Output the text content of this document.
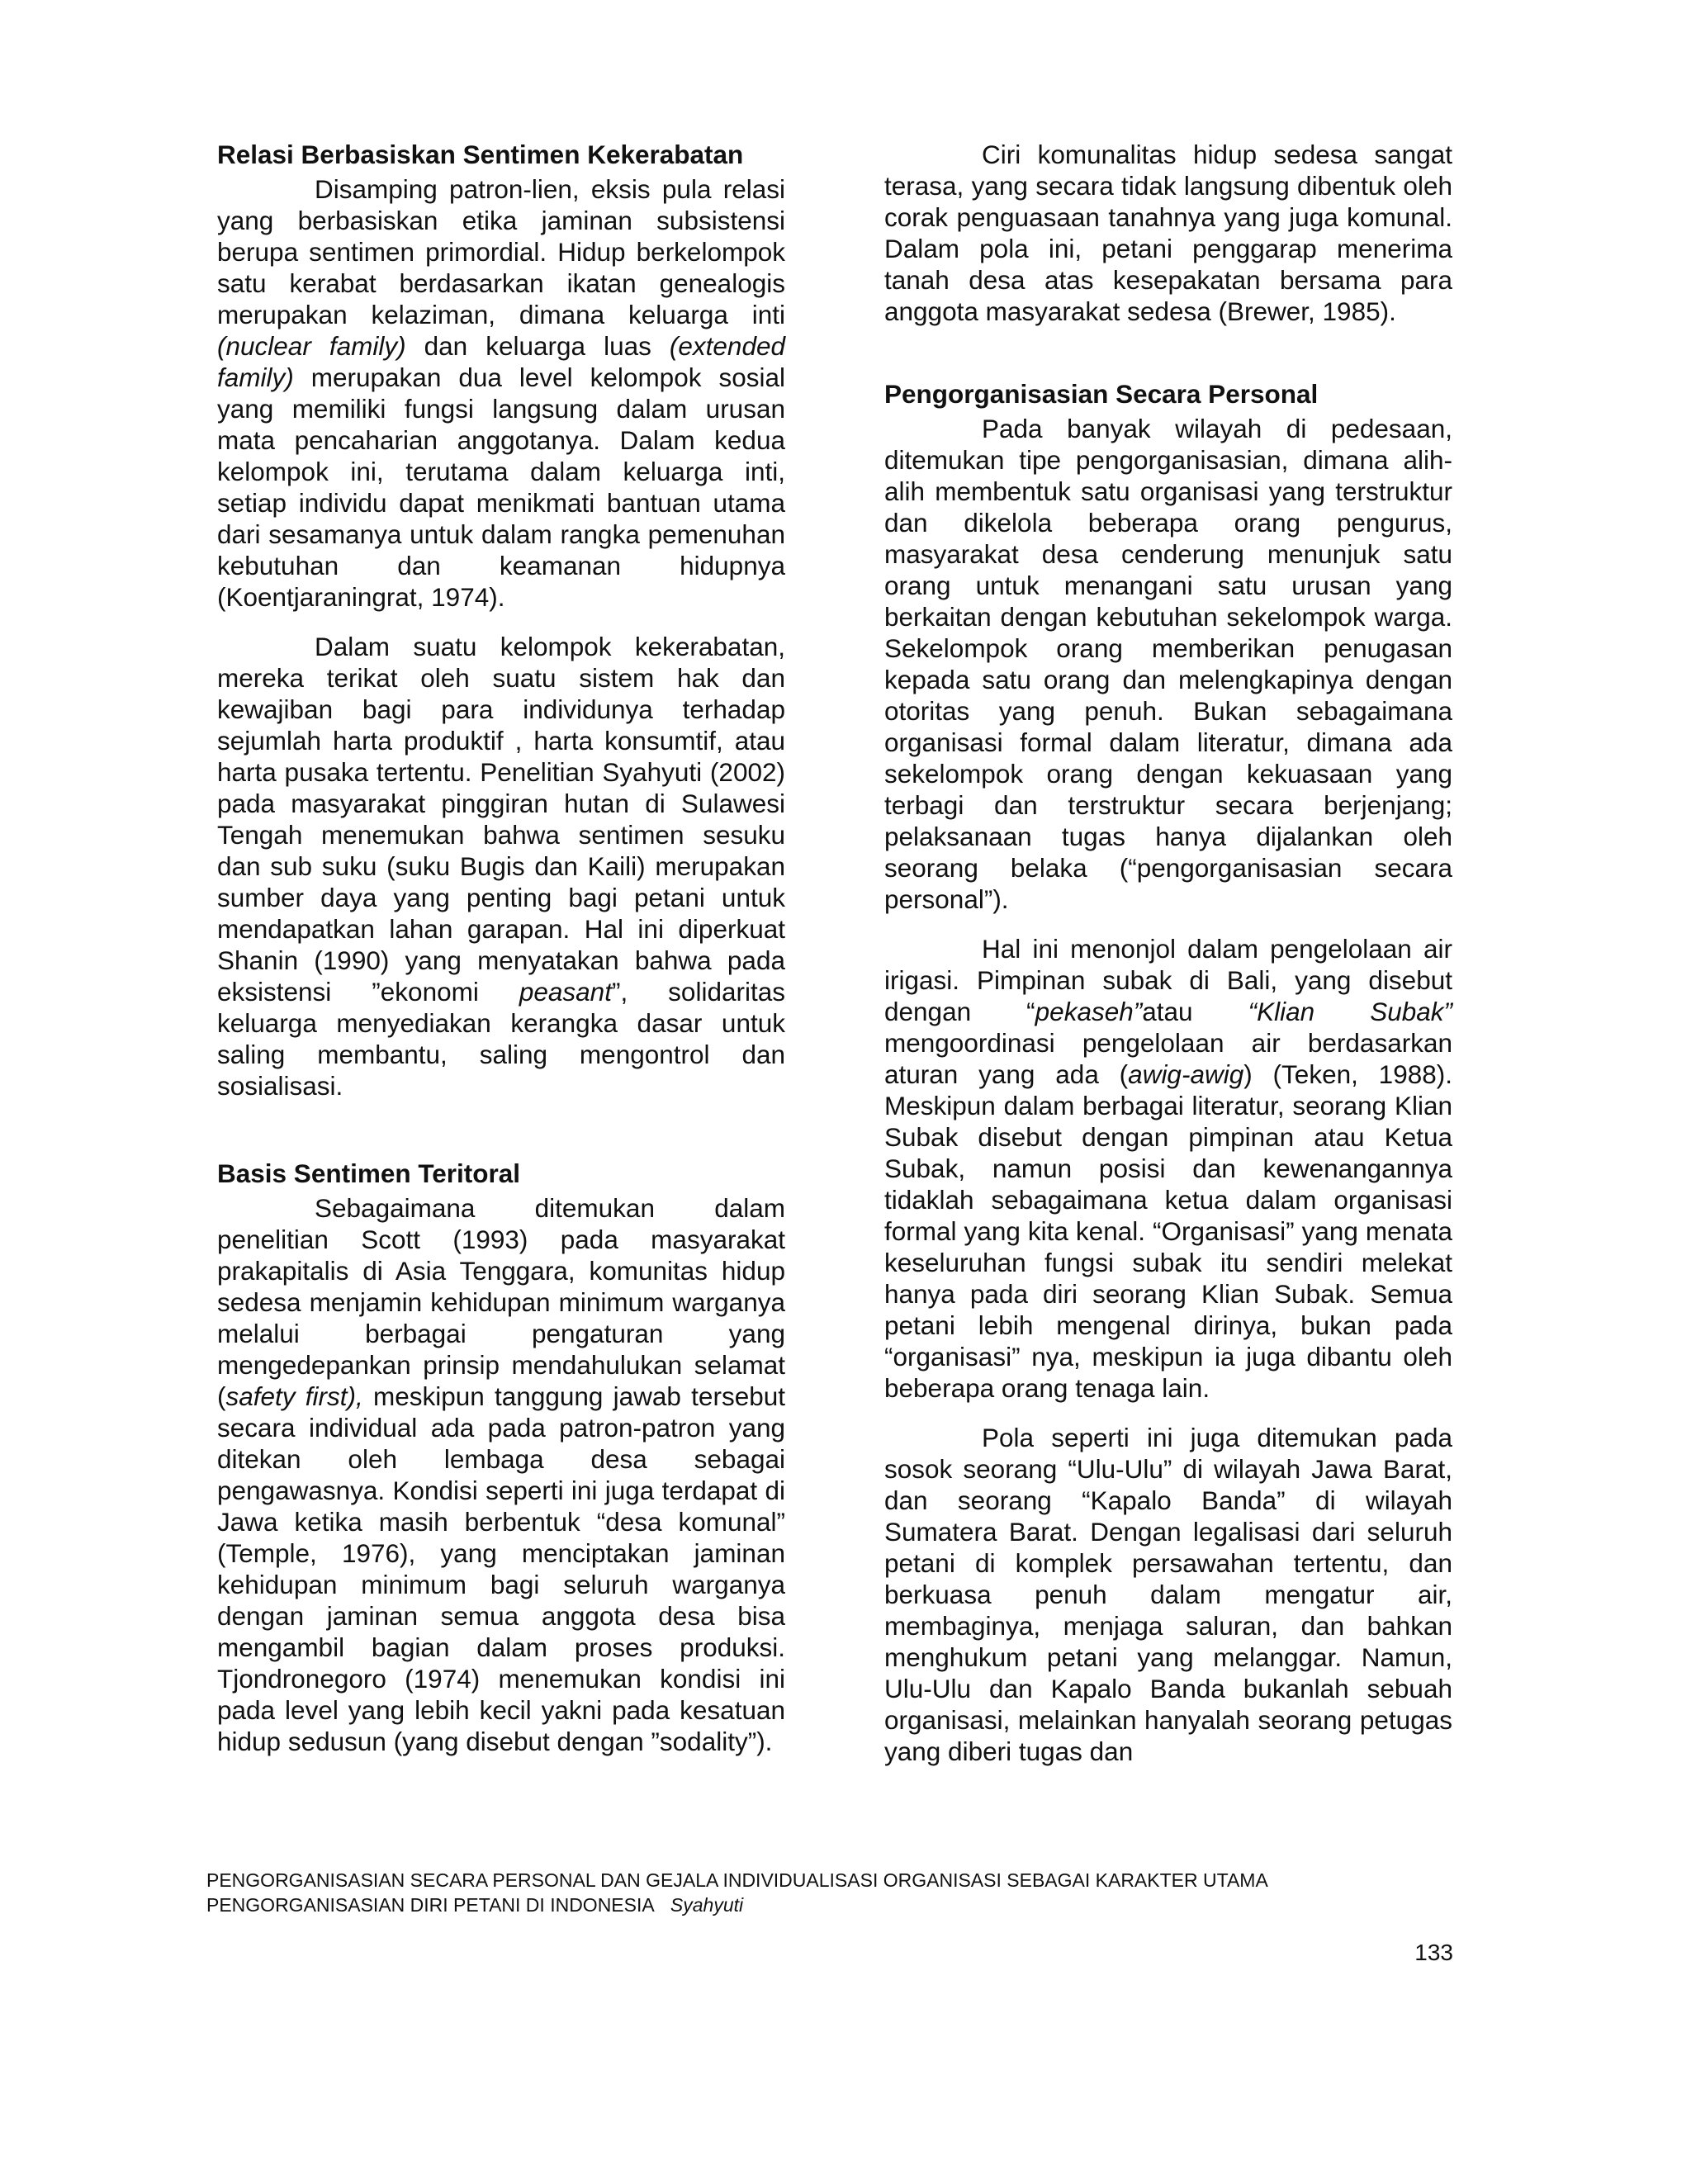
Relasi Berbasiskan Sentimen Kekerabatan

Disamping patron-lien, eksis pula relasi yang berbasiskan etika jaminan subsistensi berupa sentimen primordial. Hidup berkelompok satu kerabat berdasarkan ikatan genealogis merupakan kelaziman, dimana keluarga inti (nuclear family) dan keluarga luas (extended family) merupakan dua level kelompok sosial yang memiliki fungsi langsung dalam urusan mata pencaharian anggotanya. Dalam kedua kelompok ini, terutama dalam keluarga inti, setiap individu dapat menikmati bantuan utama dari sesamanya untuk dalam rangka pemenuhan kebutuhan dan keamanan hidupnya (Koentjaraningrat, 1974).

Dalam suatu kelompok kekerabatan, mereka terikat oleh suatu sistem hak dan kewajiban bagi para individunya terhadap sejumlah harta produktif , harta konsumtif, atau harta pusaka tertentu. Penelitian Syahyuti (2002) pada masyarakat pinggiran hutan di Sulawesi Tengah menemukan bahwa sentimen sesuku dan sub suku (suku Bugis dan Kaili) merupakan sumber daya yang penting bagi petani untuk mendapatkan lahan garapan. Hal ini diperkuat Shanin (1990) yang menyatakan bahwa pada eksistensi ”ekonomi peasant”, solidaritas keluarga menyediakan kerangka dasar untuk saling membantu, saling mengontrol dan sosialisasi.

Basis Sentimen Teritoral

Sebagaimana ditemukan dalam penelitian Scott (1993) pada masyarakat prakapitalis di Asia Tenggara, komunitas hidup sedesa menjamin kehidupan minimum warganya melalui berbagai pengaturan yang mengedepankan prinsip mendahulukan selamat (safety first), meskipun tanggung jawab tersebut secara individual ada pada patron-patron yang ditekan oleh lembaga desa sebagai pengawasnya. Kondisi seperti ini juga terdapat di Jawa ketika masih berbentuk “desa komunal” (Temple, 1976), yang menciptakan jaminan kehidupan minimum bagi seluruh warganya dengan jaminan semua anggota desa bisa mengambil bagian dalam proses produksi. Tjondronegoro (1974) menemukan kondisi ini pada level yang lebih kecil yakni pada kesatuan hidup sedusun (yang disebut dengan ”sodality”).

Ciri komunalitas hidup sedesa sangat terasa, yang secara tidak langsung dibentuk oleh corak penguasaan tanahnya yang juga komunal. Dalam pola ini, petani penggarap menerima tanah desa atas kesepakatan bersama para anggota masyarakat sedesa (Brewer, 1985).

Pengorganisasian Secara Personal

Pada banyak wilayah di pedesaan, ditemukan tipe pengorganisasian, dimana alih-alih membentuk satu organisasi yang terstruktur dan dikelola beberapa orang pengurus, masyarakat desa cenderung menunjuk satu orang untuk menangani satu urusan yang berkaitan dengan kebutuhan sekelompok warga. Sekelompok orang memberikan penugasan kepada satu orang dan melengkapinya dengan otoritas yang penuh. Bukan sebagaimana organisasi formal dalam literatur, dimana ada sekelompok orang dengan kekuasaan yang terbagi dan terstruktur secara berjenjang; pelaksanaan tugas hanya dijalankan oleh seorang belaka (“pengorganisasian secara personal”).

Hal ini menonjol dalam pengelolaan air irigasi. Pimpinan subak di Bali, yang disebut dengan “pekaseh”atau “Klian Subak” mengoordinasi pengelolaan air berdasarkan aturan yang ada (awig-awig) (Teken, 1988). Meskipun dalam berbagai literatur, seorang Klian Subak disebut dengan pimpinan atau Ketua Subak, namun posisi dan kewenangannya tidaklah sebagaimana ketua dalam organisasi formal yang kita kenal. “Organisasi” yang menata keseluruhan fungsi subak itu sendiri melekat hanya pada diri seorang Klian Subak. Semua petani lebih mengenal dirinya, bukan pada “organisasi” nya, meskipun ia juga dibantu oleh beberapa orang tenaga lain.

Pola seperti ini juga ditemukan pada sosok seorang “Ulu-Ulu” di wilayah Jawa Barat, dan seorang “Kapalo Banda” di wilayah Sumatera Barat. Dengan legalisasi dari seluruh petani di komplek persawahan tertentu, dan berkuasa penuh dalam mengatur air, membaginya, menjaga saluran, dan bahkan menghukum petani yang melanggar. Namun, Ulu-Ulu dan Kapalo Banda bukanlah sebuah organisasi, melainkan hanyalah seorang petugas yang diberi tugas dan

PENGORGANISASIAN SECARA PERSONAL DAN GEJALA INDIVIDUALISASI ORGANISASI SEBAGAI KARAKTER UTAMA
PENGORGANISASIAN DIRI PETANI DI INDONESIA Syahyuti
133
